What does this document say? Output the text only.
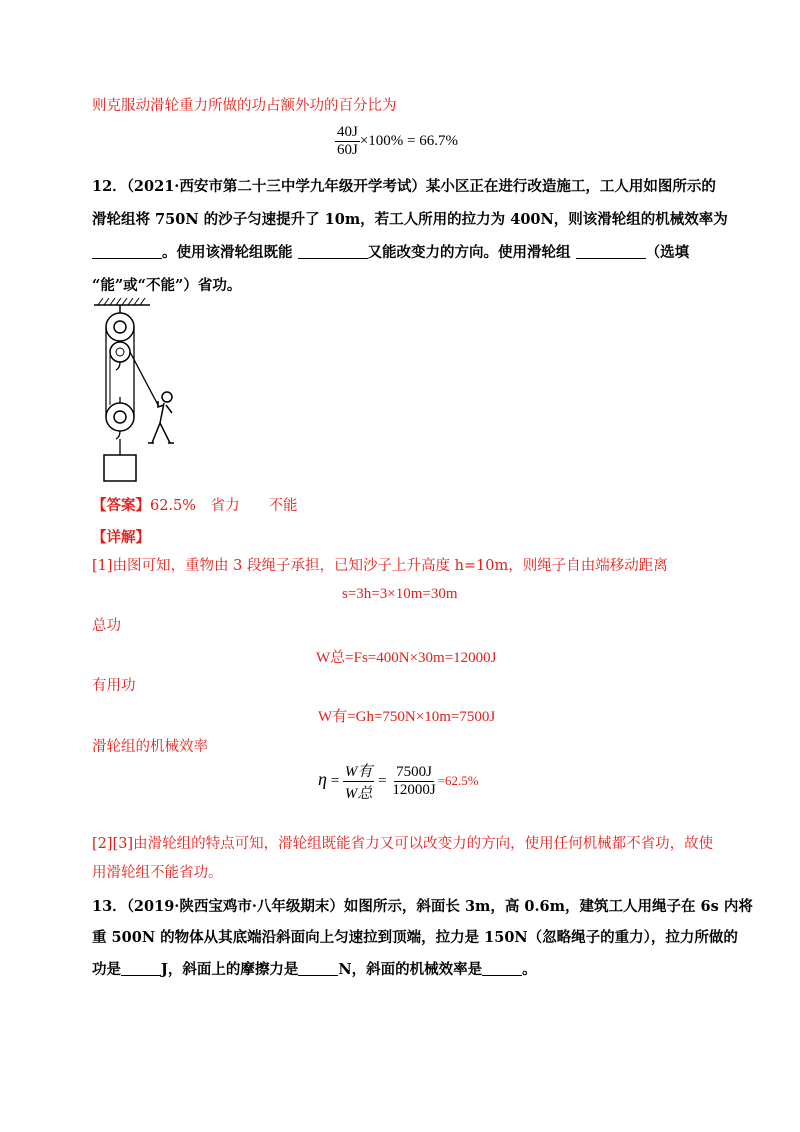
则克服动滑轮重力所做的功占额外功的百分比为
$\frac{40J}{60J} \times 100\% = 66.7\%$
12．（2021·西安市第二十三中学九年级开学考试）某小区正在进行改造施工，工人用如图所示的
滑轮组将 750N 的沙子匀速提升了 10m，若工人所用的拉力为 400N，则该滑轮组的机械效率为
。使用该滑轮组既能	又能改变力的方向。使用滑轮组	（选填
“能”或“不能”）省功。
【答案】62.5%　省力　　不能
【详解】
[1]由图可知，重物由 3 段绳子承担，已知沙子上升高度 h=10m，则绳子自由端移动距离
s=3h=3×10m=30m
总功
W总=Fs=400N×30m=12000J
有用功
W有=Gh=750N×10m=7500J
滑轮组的机械效率
$\eta = \frac{\text{W有}}{\text{W总}} = \frac{7500J}{12000J} =62.5\%$
[2][3]由滑轮组的特点可知，滑轮组既能省力又可以改变力的方向，使用任何机械都不省功，故使
用滑轮组不能省功。
13．（2019·陕西宝鸡市·八年级期末）如图所示，斜面长 3m，高 0.6m，建筑工人用绳子在 6s 内将
重 500N 的物体从其底端沿斜面向上匀速拉到顶端，拉力是 150N（忽略绳子的重力），拉力所做的
功是	J，斜面上的摩擦力是	N，斜面的机械效率是	。
